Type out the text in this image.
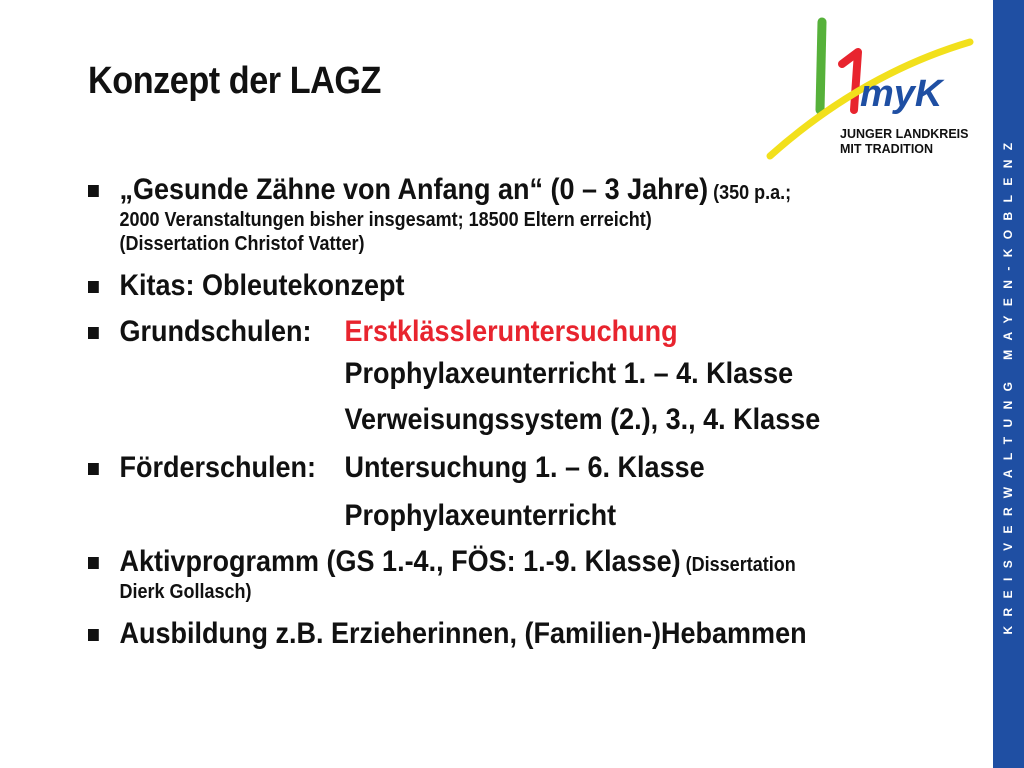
Konzept der LAGZ	myK
JUNGER LANDKREIS
MIT TRADITION	KREISVERWALTUNG MAYEN-KOBLENZ
„Gesunde Zähne von Anfang an“ (0 – 3 Jahre) (350 p.a.;
2000 Veranstaltungen bisher insgesamt; 18500 Eltern erreicht)
(Dissertation Christof Vatter)
Kitas: Obleutekonzept
Grundschulen: Erstklässleruntersuchung
Prophylaxeunterricht 1. – 4. Klasse
Verweisungssystem (2.), 3., 4. Klasse
Förderschulen: Untersuchung 1. – 6. Klasse
Prophylaxeunterricht
Aktivprogramm (GS 1.-4., FÖS: 1.-9. Klasse) (Dissertation
Dierk Gollasch)
Ausbildung z.B. Erzieherinnen, (Familien-)Hebammen
